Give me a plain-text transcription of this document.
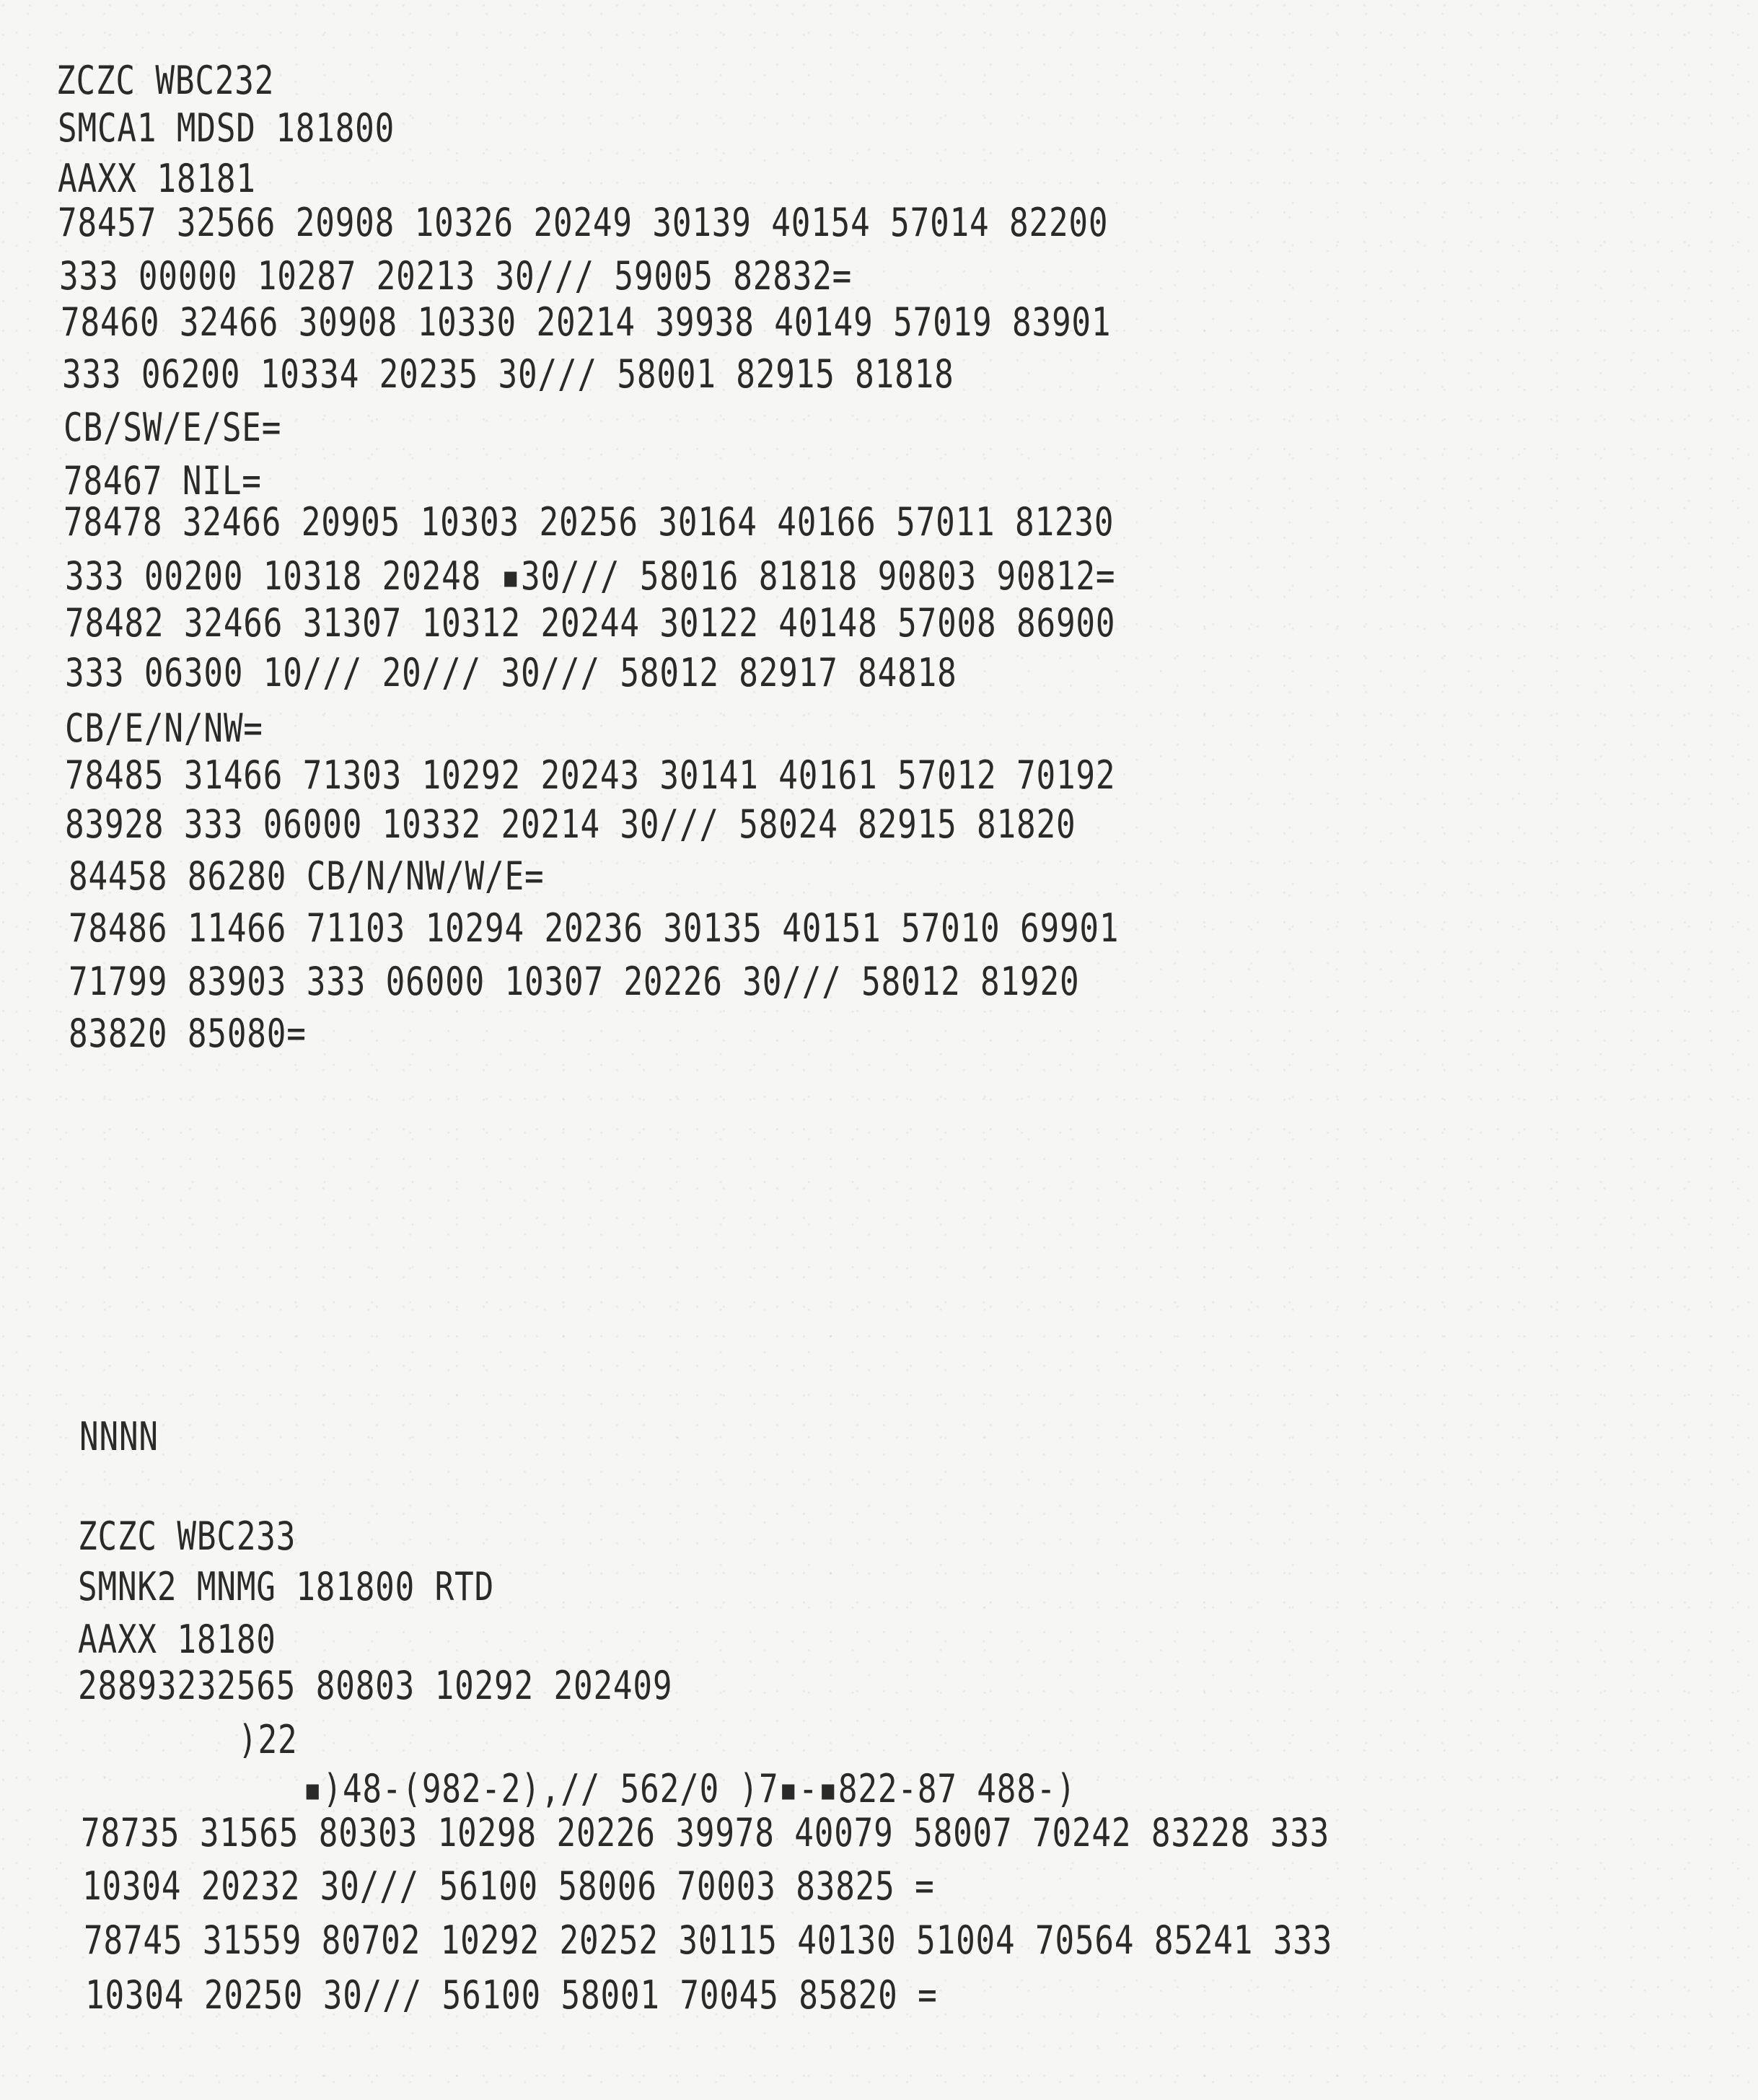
ZCZC WBC232
SMCA1 MDSD 181800
AAXX 18181
78457 32566 20908 10326 20249 30139 40154 57014 82200
333 00000 10287 20213 30/// 59005 82832=
78460 32466 30908 10330 20214 39938 40149 57019 83901
333 06200 10334 20235 30/// 58001 82915 81818
CB/SW/E/SE=
78467 NIL=
78478 32466 20905 10303 20256 30164 40166 57011 81230
333 00200 10318 20248 ▪30/// 58016 81818 90803 90812=
78482 32466 31307 10312 20244 30122 40148 57008 86900
333 06300 10/// 20/// 30/// 58012 82917 84818
CB/E/N/NW=
78485 31466 71303 10292 20243 30141 40161 57012 70192
83928 333 06000 10332 20214 30/// 58024 82915 81820
84458 86280 CB/N/NW/W/E=
78486 11466 71103 10294 20236 30135 40151 57010 69901
71799 83903 333 06000 10307 20226 30/// 58012 81920
83820 85080=
NNNN
ZCZC WBC233
SMNK2 MNMG 181800 RTD
AAXX 18180
28893232565 80803 10292 202409
)22
▪)48-(982-2),// 562/0 )7▪-▪822-87 488-)
78735 31565 80303 10298 20226 39978 40079 58007 70242 83228 333
10304 20232 30/// 56100 58006 70003 83825 =
78745 31559 80702 10292 20252 30115 40130 51004 70564 85241 333
10304 20250 30/// 56100 58001 70045 85820 =
